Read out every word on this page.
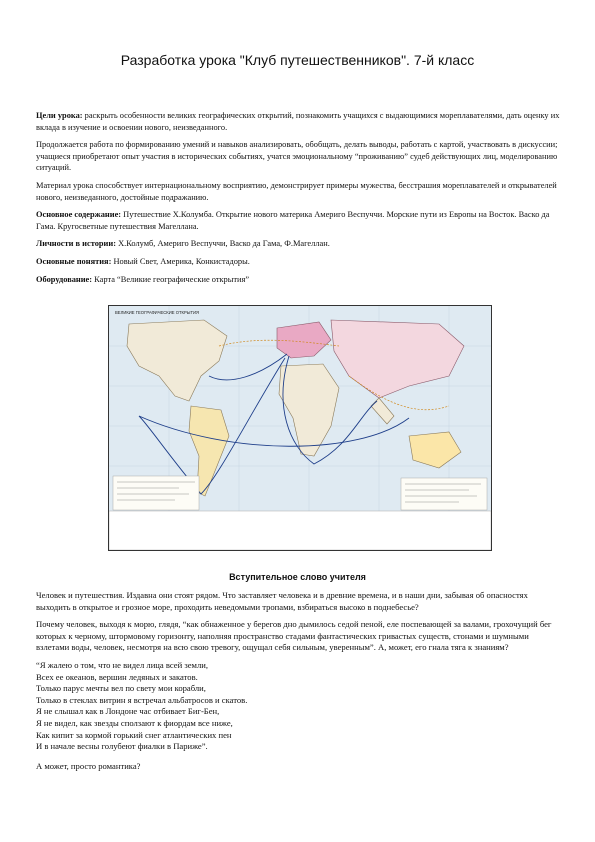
Разработка урока "Клуб путешественников". 7-й класс

Цели урока: раскрыть особенности великих географических открытий, познакомить учащихся с выдающимися мореплавателями, дать оценку их вклада в изучение и освоении нового, неизведанного.

Продолжается работа по формированию умений и навыков анализировать, обобщать, делать выводы, работать с картой, участвовать в дискуссии; учащиеся приобретают опыт участия в исторических событиях, учатся эмоциональному “проживанию” судеб действующих лиц, моделированию ситуаций.

Материал урока способствует интернациональному восприятию, демонстрирует примеры мужества, бесстрашия мореплавателей и открывателей нового, неизведанного, достойные подражанию.

Основное содержание: Путешествие Х.Колумба. Открытие нового материка Америго Веспуччи. Морские пути из Европы на Восток. Васко да Гама. Кругосветные путешествия Магеллана.

Личности в истории: Х.Колумб, Америго Веспуччи, Васко да Гама, Ф.Магеллан.

Основные понятия: Новый Свет, Америка, Конкистадоры.

Оборудование: Карта “Великие географические открытия”

ВЕЛИКИЕ ГЕОГРАФИЧЕСКИЕ ОТКРЫТИЯ
Вступительное слово учителя

Человек и путешествия. Издавна они стоят рядом. Что заставляет человека и в древние времена, и в наши дни, забывая об опасностях выходить в открытое и грозное море, проходить неведомыми тропами, взбираться высоко в поднебесье?

Почему человек, выходя к морю, глядя, “как обнаженное у берегов дно дымилось седой пеной, еле поспевающей за валами, грохочущий бег которых к черному, штормовому горизонту, наполняя пространство стадами фантастических гривастых существ, стонами и шумными взлетами воды, человек, несмотря на всю свою тревогу, ощущал себя сильным, уверенным”. А, может, его гнала тяга к знаниям?

“Я жалею о том, что не видел лица всей земли,
Всех ее океанов, вершин ледяных и закатов.
Только парус мечты вел по свету мои корабли,
Только в стеклах витрин я встречал альбатросов и скатов.
Я не слышал как в Лондоне час отбивает Биг-Бен,
Я не видел, как звезды сползают к фиордам все ниже,
Как кипит за кормой горький снег атлантических пен
И в начале весны голубеют фиалки в Париже”.

А может, просто романтика?
